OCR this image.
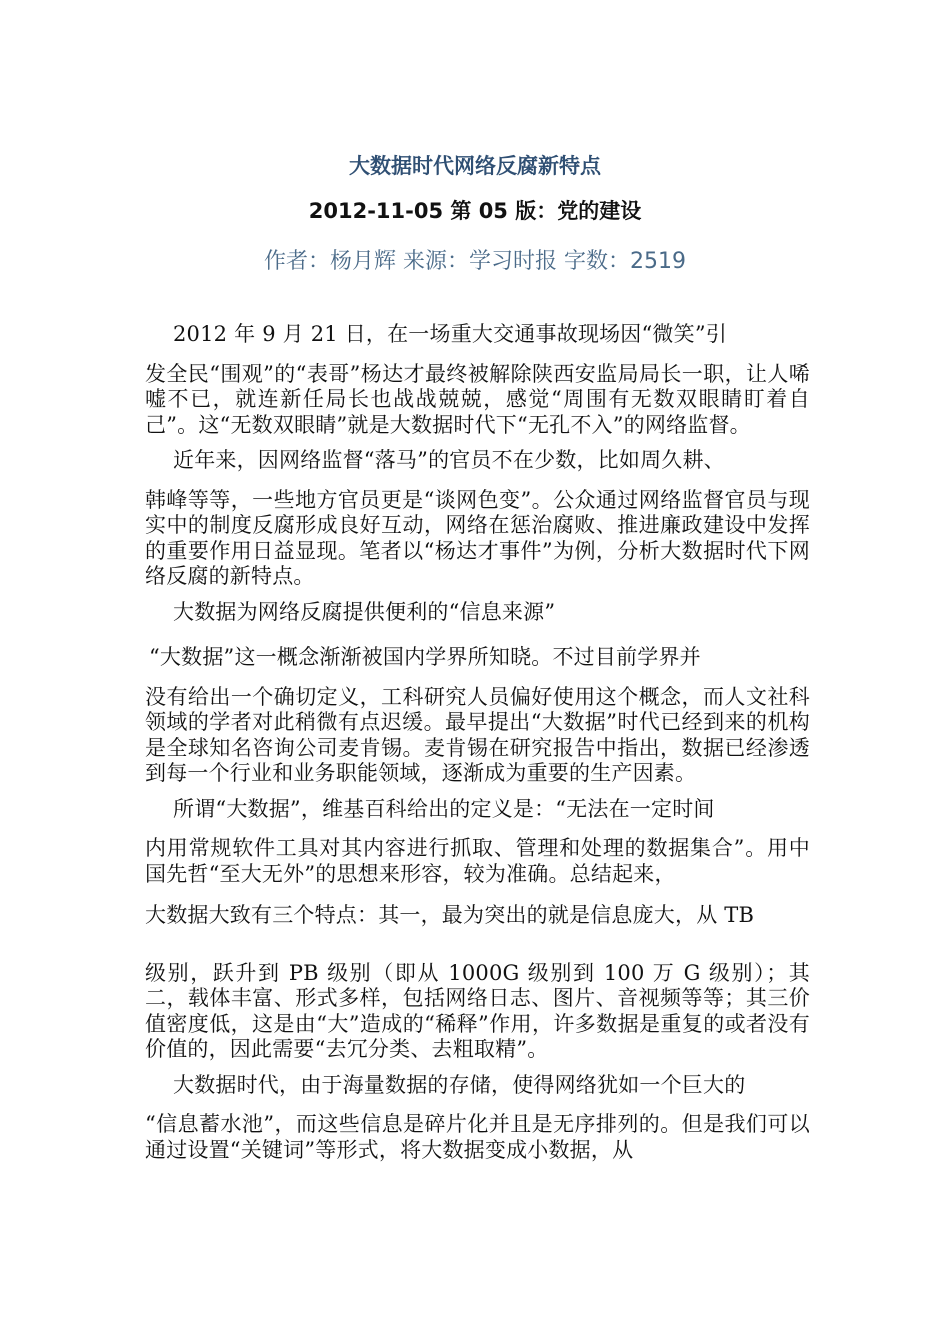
大数据时代网络反腐新特点
2012-11-05 第 05 版：党的建设
作者：杨月辉 来源：学习时报 字数：2519

2012 年 9 月 21 日，在一场重大交通事故现场因“微笑”引
发全民“围观”的“表哥”杨达才最终被解除陕西安监局局长一职，让人唏嘘不已，就连新任局长也战战兢兢，感觉“周围有无数双眼睛盯着自己”。这“无数双眼睛”就是大数据时代下“无孔不入”的网络监督。

近年来，因网络监督“落马”的官员不在少数，比如周久耕、
韩峰等等，一些地方官员更是“谈网色变”。公众通过网络监督官员与现实中的制度反腐形成良好互动，网络在惩治腐败、推进廉政建设中发挥的重要作用日益显现。笔者以“杨达才事件”为例，分析大数据时代下网络反腐的新特点。

大数据为网络反腐提供便利的“信息来源”

“大数据”这一概念渐渐被国内学界所知晓。不过目前学界并
没有给出一个确切定义，工科研究人员偏好使用这个概念，而人文社科领域的学者对此稍微有点迟缓。最早提出“大数据”时代已经到来的机构是全球知名咨询公司麦肯锡。麦肯锡在研究报告中指出，数据已经渗透到每一个行业和业务职能领域，逐渐成为重要的生产因素。

所谓“大数据”，维基百科给出的定义是：“无法在一定时间
内用常规软件工具对其内容进行抓取、管理和处理的数据集合”。用中国先哲“至大无外”的思想来形容，较为准确。总结起来，
大数据大致有三个特点：其一，最为突出的就是信息庞大，从 TB
级别，跃升到 PB 级别（即从 1000G 级别到 100 万 G 级别）；其二，载体丰富、形式多样，包括网络日志、图片、音视频等等；其三价值密度低，这是由“大”造成的“稀释”作用，许多数据是重复的或者没有价值的，因此需要“去冗分类、去粗取精”。

大数据时代，由于海量数据的存储，使得网络犹如一个巨大的
“信息蓄水池”，而这些信息是碎片化并且是无序排列的。但是我们可以通过设置“关键词”等形式，将大数据变成小数据，从
